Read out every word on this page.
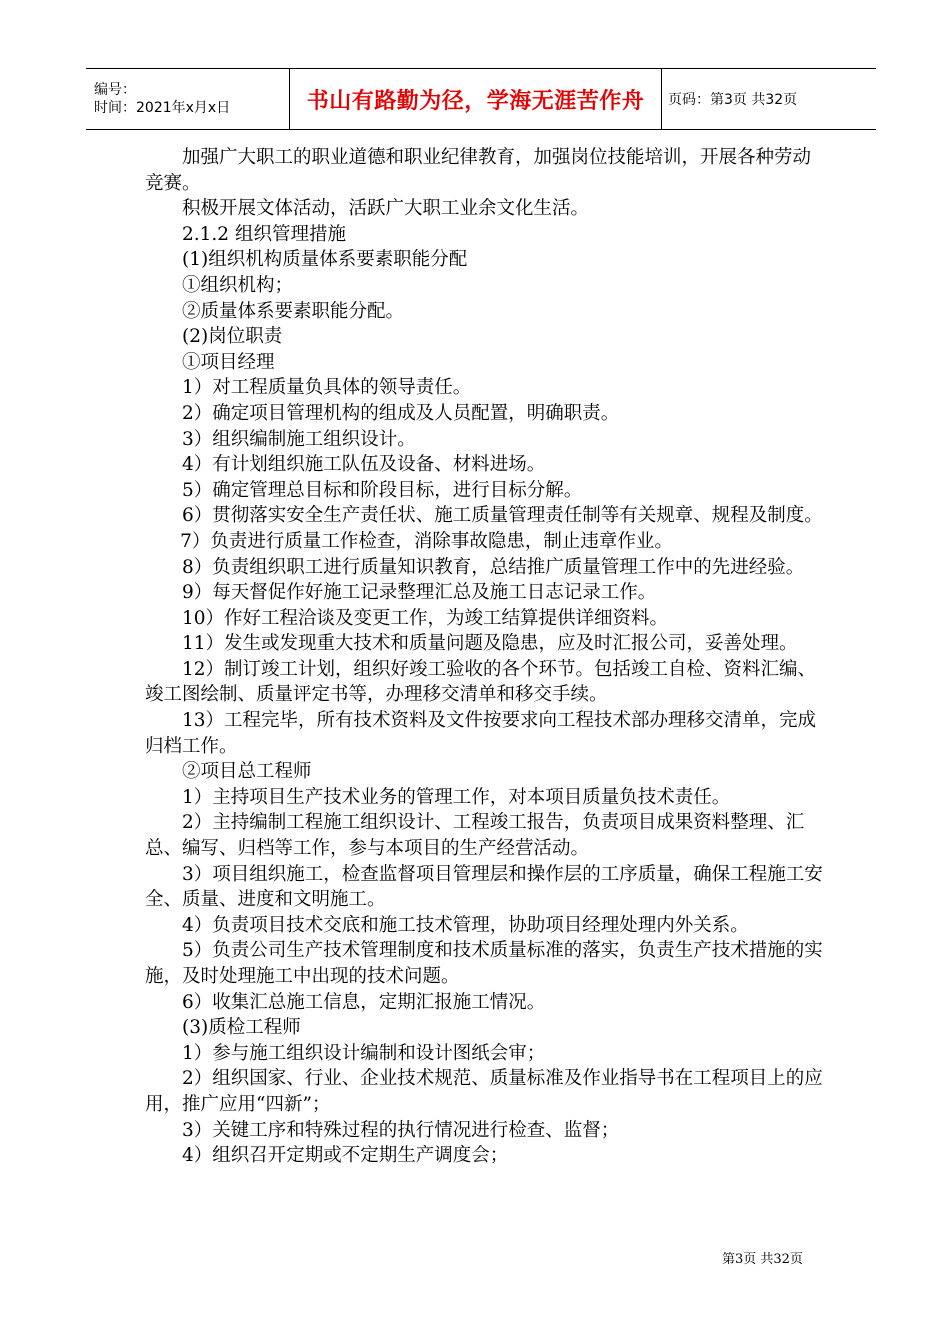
编号：
时间：2021年x月x日	书山有路勤为径，学海无涯苦作舟	页码：第3页 共32页

加强广大职工的职业道德和职业纪律教育，加强岗位技能培训，开展各种劳动竞赛。

积极开展文体活动，活跃广大职工业余文化生活。

2.1.2 组织管理措施

(1)组织机构质量体系要素职能分配

①组织机构；

②质量体系要素职能分配。

(2)岗位职责

①项目经理

1）对工程质量负具体的领导责任。

2）确定项目管理机构的组成及人员配置，明确职责。

3）组织编制施工组织设计。

4）有计划组织施工队伍及设备、材料进场。

5）确定管理总目标和阶段目标，进行目标分解。

6）贯彻落实安全生产责任状、施工质量管理责任制等有关规章、规程及制度。

7）负责进行质量工作检查，消除事故隐患，制止违章作业。

8）负责组织职工进行质量知识教育，总结推广质量管理工作中的先进经验。

9）每天督促作好施工记录整理汇总及施工日志记录工作。

10）作好工程洽谈及变更工作，为竣工结算提供详细资料。

11）发生或发现重大技术和质量问题及隐患，应及时汇报公司，妥善处理。

12）制订竣工计划，组织好竣工验收的各个环节。包括竣工自检、资料汇编、竣工图绘制、质量评定书等，办理移交清单和移交手续。

13）工程完毕，所有技术资料及文件按要求向工程技术部办理移交清单，完成归档工作。

②项目总工程师

1）主持项目生产技术业务的管理工作，对本项目质量负技术责任。

2）主持编制工程施工组织设计、工程竣工报告，负责项目成果资料整理、汇总、编写、归档等工作，参与本项目的生产经营活动。

3）项目组织施工，检查监督项目管理层和操作层的工序质量，确保工程施工安全、质量、进度和文明施工。

4）负责项目技术交底和施工技术管理，协助项目经理处理内外关系。

5）负责公司生产技术管理制度和技术质量标准的落实，负责生产技术措施的实施，及时处理施工中出现的技术问题。

6）收集汇总施工信息，定期汇报施工情况。

(3)质检工程师

1）参与施工组织设计编制和设计图纸会审；

2）组织国家、行业、企业技术规范、质量标准及作业指导书在工程项目上的应用，推广应用“四新”；

3）关键工序和特殊过程的执行情况进行检查、监督；

4）组织召开定期或不定期生产调度会；

第3页 共32页
